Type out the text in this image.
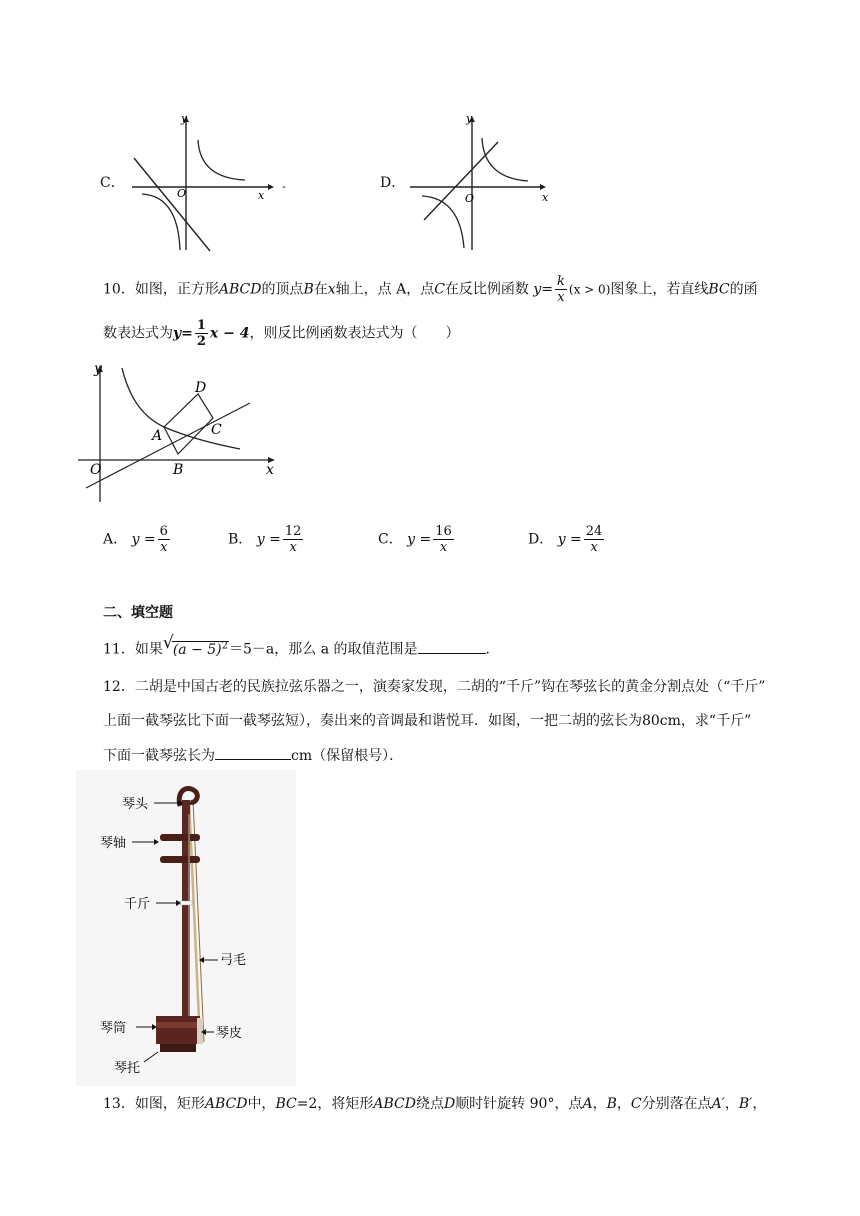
C．
y
x
O
-	D．
y
x
O
10．如图，正方形ABCD的顶点B在x轴上，点 A，点C在反比例函数 $y= \frac{k}{x} (x > 0)$图象上，若直线BC的函
数表达式为$y= \frac{1}{2}$ x − 4，则反比例函数表达式为（　　）
y
x
O
A
B
C
D
A． $y = \frac{6}{x}$	B． $y = \frac{12}{x}$	C． $y = \frac{16}{x}$	D． $y = \frac{24}{x}$
二、填空题
11．如果 √ $(a - 5)^2=5-a$，那么 a 的取值范围是	．
12．二胡是中国古老的民族拉弦乐器之一，演奏家发现，二胡的“千斤”钩在琴弦长的黄金分割点处（“千斤”
上面一截琴弦比下面一截琴弦短），奏出来的音调最和谐悦耳．如图，一把二胡的弦长为80cm，求“千斤”
下面一截琴弦长为	cm（保留根号）．
琴头
琴轴
千斤
弓毛
琴筒	琴皮
琴托
13．如图，矩形ABCD中，BC=2，将矩形ABCD绕点D顺时针旋转 90°，点A，B，C分别落在点A′，B′，
